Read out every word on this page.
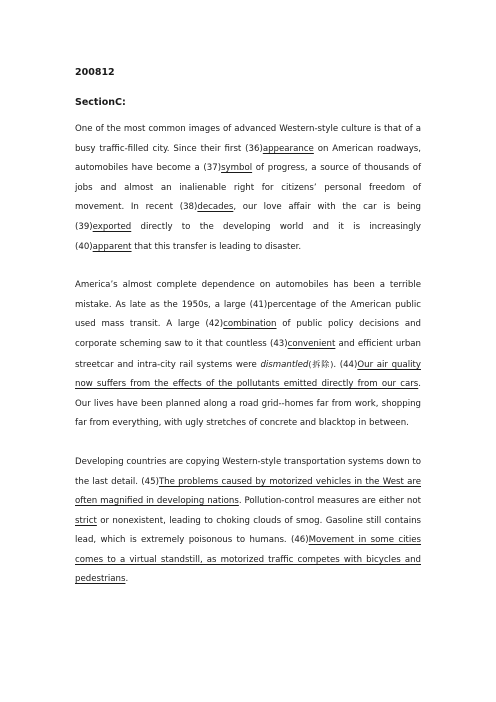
200812

SectionC:

One of the most common images of advanced Western-style culture is that of a busy traffic-filled city. Since their first (36)appearance on American roadways, automobiles have become a (37)symbol of progress, a source of thousands of jobs and almost an inalienable right for citizens’ personal freedom of movement. In recent (38)decades, our love affair with the car is being (39)exported directly to the developing world and it is increasingly (40)apparent that this transfer is leading to disaster.

America’s almost complete dependence on automobiles has been a terrible mistake. As late as the 1950s, a large (41)percentage of the American public used mass transit. A large (42)combination of public policy decisions and corporate scheming saw to it that countless (43)convenient and efficient urban streetcar and intra-city rail systems were dismantled(拆除). (44)Our air quality now suffers from the effects of the pollutants emitted directly from our cars. Our lives have been planned along a road grid--homes far from work, shopping far from everything, with ugly stretches of concrete and blacktop in between.

Developing countries are copying Western-style transportation systems down to the last detail. (45)The problems caused by motorized vehicles in the West are often magnified in developing nations. Pollution-control measures are either not strict or nonexistent, leading to choking clouds of smog. Gasoline still contains lead, which is extremely poisonous to humans. (46)Movement in some cities comes to a virtual standstill, as motorized traffic competes with bicycles and pedestrians.
